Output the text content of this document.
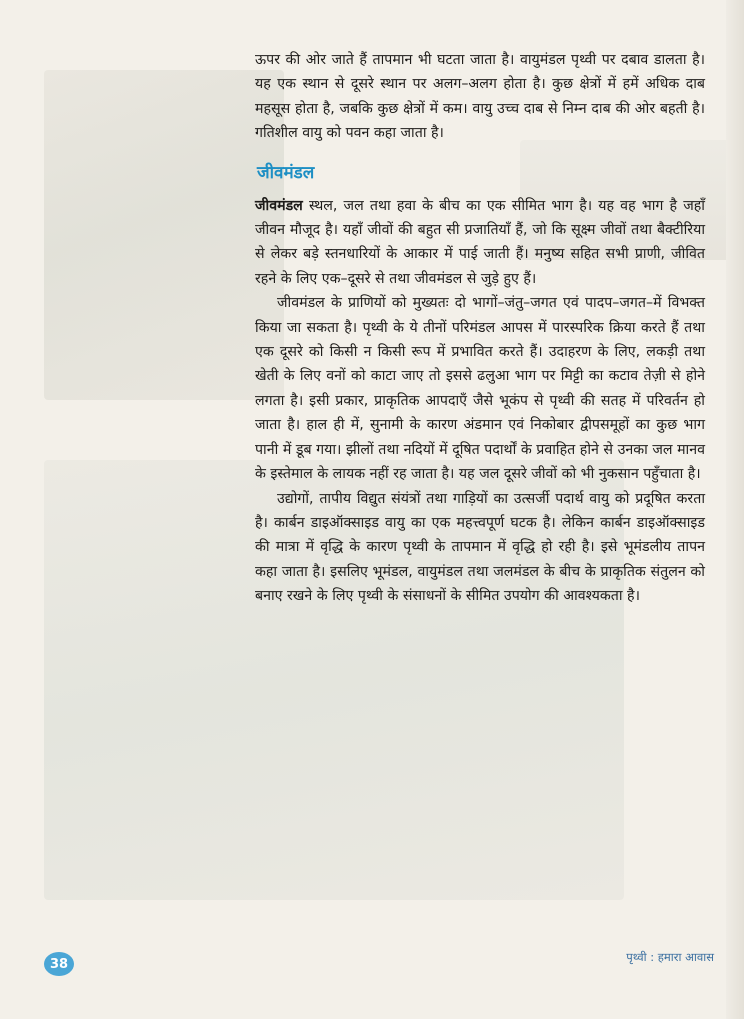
ऊपर की ओर जाते हैं तापमान भी घटता जाता है। वायुमंडल पृथ्वी पर दबाव डालता है। यह एक स्थान से दूसरे स्थान पर अलग–अलग होता है। कुछ क्षेत्रों में हमें अधिक दाब महसूस होता है, जबकि कुछ क्षेत्रों में कम। वायु उच्च दाब से निम्न दाब की ओर बहती है। गतिशील वायु को पवन कहा जाता है।

जीवमंडल

जीवमंडल स्थल, जल तथा हवा के बीच का एक सीमित भाग है। यह वह भाग है जहाँ जीवन मौजूद है। यहाँ जीवों की बहुत सी प्रजातियाँ हैं, जो कि सूक्ष्म जीवों तथा बैक्टीरिया से लेकर बड़े स्तनधारियों के आकार में पाई जाती हैं। मनुष्य सहित सभी प्राणी, जीवित रहने के लिए एक–दूसरे से तथा जीवमंडल से जुड़े हुए हैं।

जीवमंडल के प्राणियों को मुख्यतः दो भागों–जंतु–जगत एवं पादप–जगत–में विभक्त किया जा सकता है। पृथ्वी के ये तीनों परिमंडल आपस में पारस्परिक क्रिया करते हैं तथा एक दूसरे को किसी न किसी रूप में प्रभावित करते हैं। उदाहरण के लिए, लकड़ी तथा खेती के लिए वनों को काटा जाए तो इससे ढलुआ भाग पर मिट्टी का कटाव तेज़ी से होने लगता है। इसी प्रकार, प्राकृतिक आपदाएँ जैसे भूकंप से पृथ्वी की सतह में परिवर्तन हो जाता है। हाल ही में, सुनामी के कारण अंडमान एवं निकोबार द्वीपसमूहों का कुछ भाग पानी में डूब गया। झीलों तथा नदियों में दूषित पदार्थों के प्रवाहित होने से उनका जल मानव के इस्तेमाल के लायक नहीं रह जाता है। यह जल दूसरे जीवों को भी नुकसान पहुँचाता है।

उद्योगों, तापीय विद्युत संयंत्रों तथा गाड़ियों का उत्सर्जी पदार्थ वायु को प्रदूषित करता है। कार्बन डाइऑक्साइड वायु का एक महत्त्वपूर्ण घटक है। लेकिन कार्बन डाइऑक्साइड की मात्रा में वृद्धि के कारण पृथ्वी के तापमान में वृद्धि हो रही है। इसे भूमंडलीय तापन कहा जाता है। इसलिए भूमंडल, वायुमंडल तथा जलमंडल के बीच के प्राकृतिक संतुलन को बनाए रखने के लिए पृथ्वी के संसाधनों के सीमित उपयोग की आवश्यकता है।

38	पृथ्वी : हमारा आवास
